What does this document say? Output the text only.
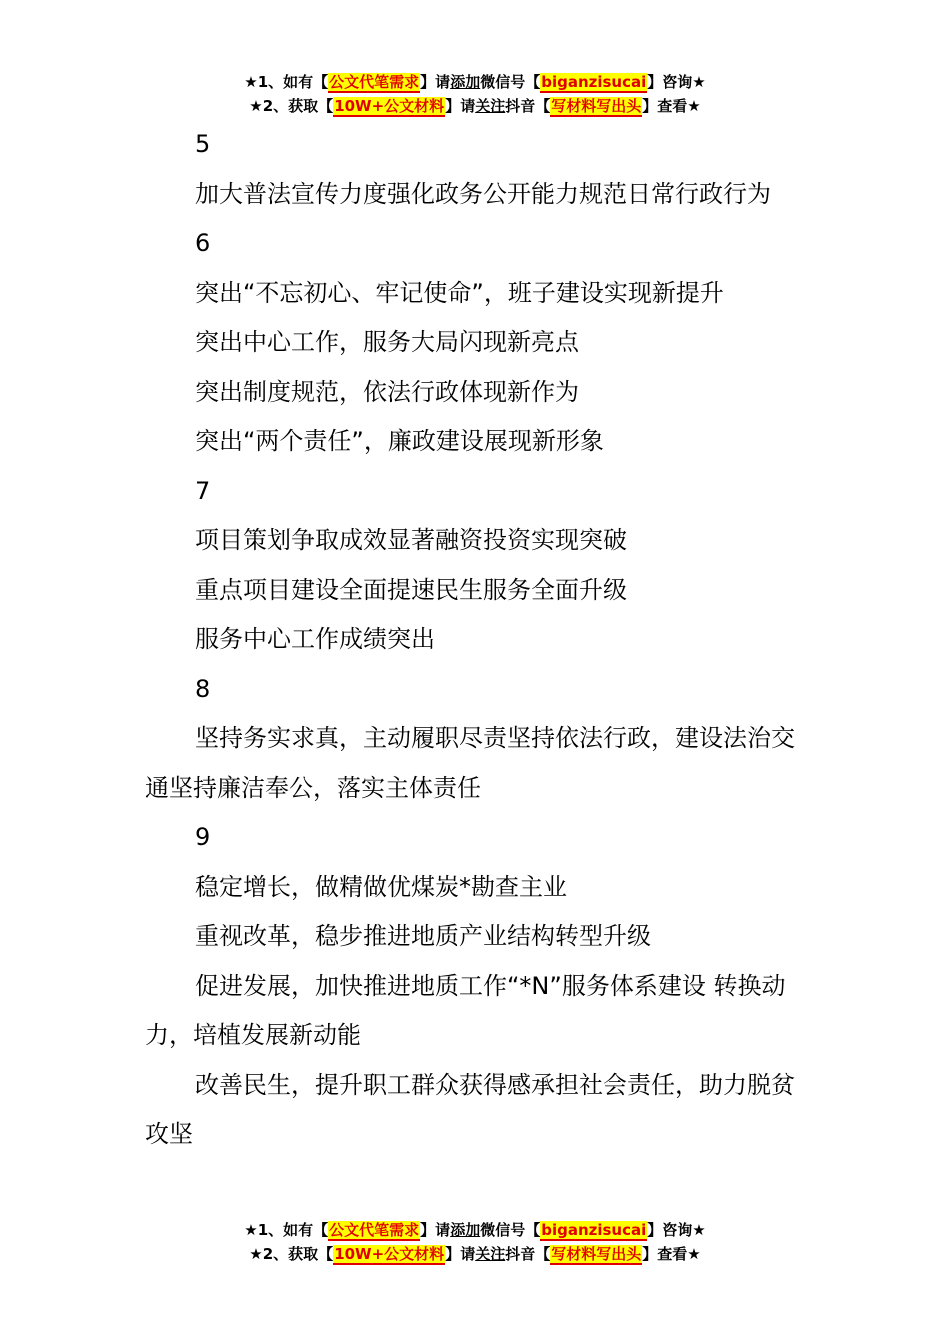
★1、如有【公文代笔需求】请添加微信号【biganzisucai】咨询★
★2、获取【10W+公文材料】请关注抖音【写材料写出头】查看★

5

加大普法宣传力度强化政务公开能力规范日常行政行为

6

突出“不忘初心、牢记使命”，班子建设实现新提升

突出中心工作，服务大局闪现新亮点

突出制度规范，依法行政体现新作为

突出“两个责任”，廉政建设展现新形象

7

项目策划争取成效显著融资投资实现突破

重点项目建设全面提速民生服务全面升级

服务中心工作成绩突出

8

坚持务实求真，主动履职尽责坚持依法行政，建设法治交通坚持廉洁奉公，落实主体责任

9

稳定增长，做精做优煤炭*勘查主业

重视改革，稳步推进地质产业结构转型升级

促进发展，加快推进地质工作“*N”服务体系建设 转换动力，培植发展新动能

改善民生，提升职工群众获得感承担社会责任，助力脱贫攻坚

★1、如有【公文代笔需求】请添加微信号【biganzisucai】咨询★
★2、获取【10W+公文材料】请关注抖音【写材料写出头】查看★
